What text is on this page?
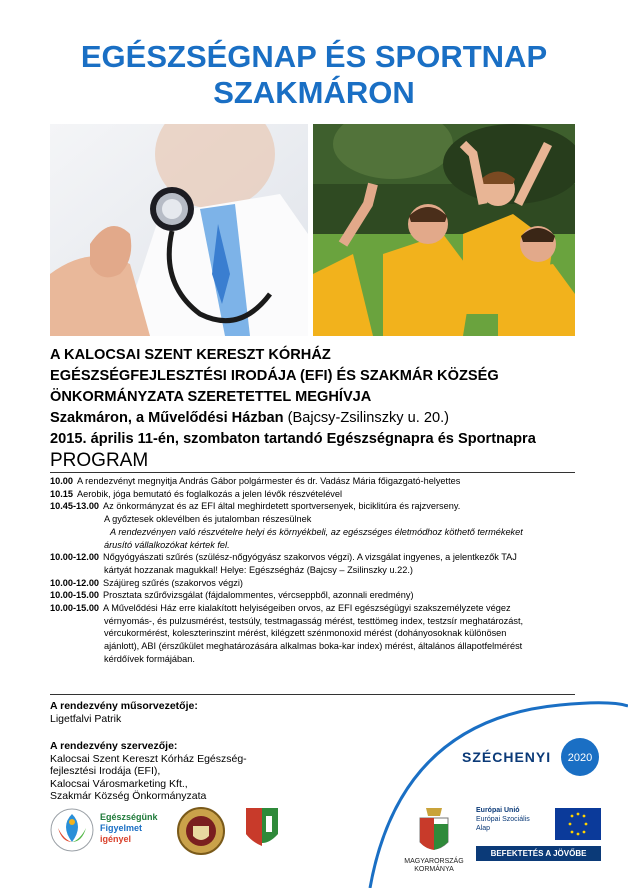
EGÉSZSÉGNAP ÉS SPORTNAP
SZAKMÁRON
A KALOCSAI SZENT KERESZT KÓRHÁZ
EGÉSZSÉGFEJLESZTÉSI IRODÁJA (EFI) ÉS SZAKMÁR KÖZSÉG
ÖNKORMÁNYZATA SZERETETTEL MEGHÍVJA
Szakmáron, a Művelődési Házban (Bajcsy-Zsilinszky u. 20.)
2015. április 11-én, szombaton tartandó Egészségnapra és Sportnapra
PROGRAM
10.00 A rendezvényt megnyitja András Gábor polgármester és dr. Vadász Mária főigazgató-helyettes
10.15 Aerobik, jóga bemutató és foglalkozás a jelen lévők részvételével
10.45-13.00 Az önkormányzat és az EFI által meghirdetett sportversenyek, biciklitúra és rajzverseny.
A győztesek oklevélben és jutalomban részesülnek
A rendezvényen való részvételre helyi és környékbeli, az egészséges életmódhoz köthető termékeket
árusító vállalkozókat kértek fel.
10.00-12.00 Nőgyógyászati szűrés (szülész-nőgyógyász szakorvos végzi). A vizsgálat ingyenes, a jelentkezők TAJ
kártyát hozzanak magukkal! Helye: Egészségház (Bajcsy – Zsilinszky u.22.)
10.00-12.00 Szájüreg szűrés (szakorvos végzi)
10.00-15.00 Prosztata szűrővizsgálat (fájdalommentes, vércseppből, azonnali eredmény)
10.00-15.00 A Művelődési Ház erre kialakított helyiségeiben orvos, az EFI egészségügyi szakszemélyzete végez
vérnyomás-, és pulzusmérést, testsúly, testmagasság mérést, testtömeg index, testzsír meghatározást,
vércukormérést, koleszterinszint mérést, kilégzett szénmonoxid mérést (dohányosoknak különösen
ajánlott), ABI (érszűkület meghatározására alkalmas boka-kar index) mérést, általános állapotfelmérést
kérdőívek formájában.
A rendezvény műsorvezetője:
Ligetfalvi Patrik
A rendezvény szervezője:
Kalocsai Szent Kereszt Kórház Egészség-
fejlesztési Irodája (EFI),
Kalocsai Városmarketing Kft.,
Szakmár Község Önkormányzata
Egészségünk
Figyelmet
igényel
SZÉCHENYI 2020
MAGYARORSZÁG
KORMÁNYA
Európai Unió
Európai Szociális
Alap
BEFEKTETÉS A JÖVŐBE
